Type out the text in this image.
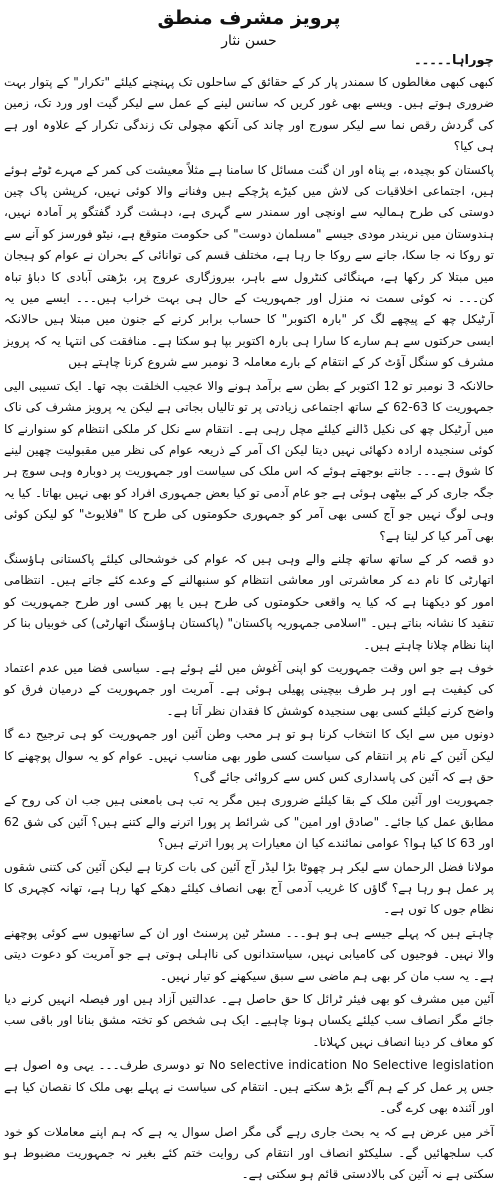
پرویز مشرف منطق
حسن نثار
چوراہا۔۔۔۔۔

کبھی کبھی مغالطوں کا سمندر پار کر کے حقائق کے ساحلوں تک پہنچنے کیلئے "تکرار" کے پتوار بہت ضروری ہوتے ہیں۔ ویسے بھی غور کریں کہ سانس لینے کے عمل سے لیکر گیت اور ورد تک، زمین کی گردش رقص نما سے لیکر سورج اور چاند کی آنکھ مچولی تک زندگی تکرار کے علاوہ اور ہے ہی کیا؟

پاکستان کو بچیدہ، بے پناہ اور ان گنت مسائل کا سامنا ہے مثلاً معیشت کی کمر کے مہرے ٹوٹے ہوئے ہیں، اجتماعی اخلاقیات کی لاش میں کیڑے پڑچکے ہیں وفنانے والا کوئی نہیں، کرپشن پاک چین دوستی کی طرح ہمالیہ سے اونچی اور سمندر سے گہری ہے، دہشت گرد گفتگو پر آمادہ نہیں، ہندوستان میں نریندر مودی جیسے "مسلمان دوست" کی حکومت متوقع ہے، نیٹو فورسز کو آنے سے تو روکا نہ جا سکا، جانے سے روکا جا رہا ہے، مختلف قسم کی توانائی کے بحران نے عوام کو ہیجان میں مبتلا کر رکھا ہے، مہنگائی کنٹرول سے باہر، بیروزگاری عروج پر، بڑھتی آبادی کا دباؤ تباہ کن۔۔۔ نہ کوئی سمت نہ منزل اور جمہوریت کے حال ہی بہت خراب ہیں۔۔۔ ایسے میں یہ آرٹیکل چھ کے پیچھے لگ کر "بارہ اکتوبر" کا حساب برابر کرنے کے جنون میں مبتلا ہیں حالانکہ ایسی حرکتوں سے ہم سارے کا سارا ہی بارہ اکتوبر بپا ہو سکتا ہے۔ منافقت کی انتہا یہ کہ پرویز مشرف کو سنگل آؤٹ کر کے انتقام کے بارے معاملہ 3 نومبر سے شروع کرنا چاہتے ہیں

حالانکہ 3 نومبر تو 12 اکتوبر کے بطن سے برآمد ہونے والا عجیب الخلقت بچہ تھا۔ ایک تسیبی الیی جمہوریت کا 63-62 کے ساتھ اجتماعی زیادتی پر تو تالیاں بجاتی ہے لیکن یہ پرویز مشرف کی ناک میں آرٹیکل چھ کی نکیل ڈالنے کیلئے مچل رہی ہے۔ انتقام سے نکل کر ملکی انتظام کو سنوارنے کا کوئی سنجیدہ ارادہ دکھائی نہیں دیتا لیکن اک آمر کے ذریعہ عوام کی نظر میں مقبولیت چھین لینے کا شوق ہے۔۔۔ جانتے بوجھتے ہوئے کہ اس ملک کی سیاست اور جمہوریت پر دوبارہ وہی سوچ ہر جگہ جاری کر کے بیٹھی ہوئی ہے جو عام آدمی تو کیا بعض جمہوری افراد کو بھی نہیں بھاتا۔ کیا یہ وہی لوگ نہیں جو آج کسی بھی آمر کو جمہوری حکومتوں کی طرح کا "فلایوٹ" کو لیکن کوئی بھی آمر کیا کر لیتا ہے؟

دو قصہ کر کے ساتھ ساتھ چلنے والے وہی ہیں کہ عوام کی خوشحالی کیلئے پاکستانی ہاؤسنگ اتھارٹی کا نام دے کر معاشرتی اور معاشی انتظام کو سنبھالنے کے وعدے کئے جاتے ہیں۔ انتظامی امور کو دیکھنا ہے کہ کیا یہ واقعی حکومتوں کی طرح ہیں یا پھر کسی اور طرح جمہوریت کو تنقید کا نشانہ بناتے ہیں۔ "اسلامی جمہوریہ پاکستان" (پاکستان ہاؤسنگ اتھارٹی) کی خوبیاں بنا کر اپنا نظام چلانا چاہتے ہیں۔

خوف ہے جو اس وقت جمہوریت کو اپنی آغوش میں لئے ہوئے ہے۔ سیاسی فضا میں عدم اعتماد کی کیفیت ہے اور ہر طرف بیچینی پھیلی ہوئی ہے۔ آمریت اور جمہوریت کے درمیان فرق کو واضح کرنے کیلئے کسی بھی سنجیدہ کوشش کا فقدان نظر آتا ہے۔

دونوں میں سے ایک کا انتخاب کرنا ہو تو ہر محب وطن آئین اور جمہوریت کو ہی ترجیح دے گا لیکن آئین کے نام پر انتقام کی سیاست کسی طور بھی مناسب نہیں۔ عوام کو یہ سوال پوچھنے کا حق ہے کہ آئین کی پاسداری کس کس سے کروائی جائے گی؟

جمہوریت اور آئین ملک کے بقا کیلئے ضروری ہیں مگر یہ تب ہی بامعنی ہیں جب ان کی روح کے مطابق عمل کیا جائے۔ "صادق اور امین" کی شرائط پر پورا اترنے والے کتنے ہیں؟ آئین کی شق 62 اور 63 کا کیا ہوا؟ عوامی نمائندے کیا ان معیارات پر پورا اترتے ہیں؟

مولانا فضل الرحمان سے لیکر ہر چھوٹا بڑا لیڈر آج آئین کی بات کرتا ہے لیکن آئین کی کتنی شقوں پر عمل ہو رہا ہے؟ گاؤں کا غریب آدمی آج بھی انصاف کیلئے دھکے کھا رہا ہے، تھانہ کچہری کا نظام جوں کا توں ہے۔

چاہتے ہیں کہ پہلے جیسے ہی ہو ہو۔۔۔ مسٹر ٹین پرسنٹ اور ان کے ساتھیوں سے کوئی پوچھنے والا نہیں۔ فوجیوں کی کامیابی نہیں، سیاستدانوں کی نااہلی ہوتی ہے جو آمریت کو دعوت دیتی ہے۔ یہ سب مان کر بھی ہم ماضی سے سبق سیکھنے کو تیار نہیں۔

آئین میں مشرف کو بھی فیئر ٹرائل کا حق حاصل ہے۔ عدالتیں آزاد ہیں اور فیصلہ انہیں کرنے دیا جائے مگر انصاف سب کیلئے یکساں ہونا چاہیے۔ ایک ہی شخص کو تختہ مشق بنانا اور باقی سب کو معاف کر دینا انصاف نہیں کہلاتا۔

No selective indication No Selective legislation تو دوسری طرف۔۔۔ یہی وہ اصول ہے جس پر عمل کر کے ہم آگے بڑھ سکتے ہیں۔ انتقام کی سیاست نے پہلے بھی ملک کا نقصان کیا ہے اور آئندہ بھی کرے گی۔

آخر میں عرض ہے کہ یہ بحث جاری رہے گی مگر اصل سوال یہ ہے کہ ہم اپنے معاملات کو خود کب سلجھائیں گے۔ سلیکٹو انصاف اور انتقام کی روایت ختم کئے بغیر نہ جمہوریت مضبوط ہو سکتی ہے نہ آئین کی بالادستی قائم ہو سکتی ہے۔
